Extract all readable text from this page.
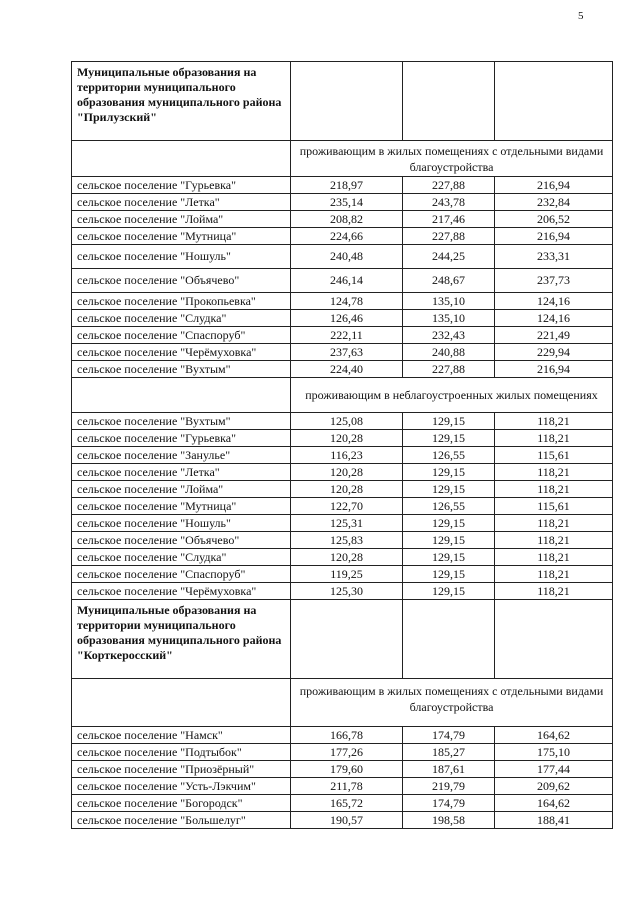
5
Муниципальные образования на территории муниципального образования муниципального района "Прилузский"			
	проживающим в жилых помещениях с отдельными видами благоустройства		
сельское поселение "Гурьевка"	218,97	227,88	216,94
сельское поселение "Летка"	235,14	243,78	232,84
сельское поселение "Лойма"	208,82	217,46	206,52
сельское поселение "Мутница"	224,66	227,88	216,94
сельское поселение "Ношуль"	240,48	244,25	233,31
сельское поселение "Объячево"	246,14	248,67	237,73
сельское поселение "Прокопьевка"	124,78	135,10	124,16
сельское поселение "Слудка"	126,46	135,10	124,16
сельское поселение "Спаспоруб"	222,11	232,43	221,49
сельское поселение "Черёмуховка"	237,63	240,88	229,94
сельское поселение "Вухтым"	224,40	227,88	216,94
	проживающим в неблагоустроенных жилых помещениях		
сельское поселение "Вухтым"	125,08	129,15	118,21
сельское поселение "Гурьевка"	120,28	129,15	118,21
сельское поселение "Занулье"	116,23	126,55	115,61
сельское поселение "Летка"	120,28	129,15	118,21
сельское поселение "Лойма"	120,28	129,15	118,21
сельское поселение "Мутница"	122,70	126,55	115,61
сельское поселение "Ношуль"	125,31	129,15	118,21
сельское поселение "Объячево"	125,83	129,15	118,21
сельское поселение "Слудка"	120,28	129,15	118,21
сельское поселение "Спаспоруб"	119,25	129,15	118,21
сельское поселение "Черёмуховка"	125,30	129,15	118,21
Муниципальные образования на территории муниципального образования муниципального района "Корткеросский"			
	проживающим в жилых помещениях с отдельными видами благоустройства		
сельское поселение "Намск"	166,78	174,79	164,62
сельское поселение "Подтыбок"	177,26	185,27	175,10
сельское поселение "Приозёрный"	179,60	187,61	177,44
сельское поселение "Усть-Лэкчим"	211,78	219,79	209,62
сельское поселение "Богородск"	165,72	174,79	164,62
сельское поселение "Большелуг"	190,57	198,58	188,41
